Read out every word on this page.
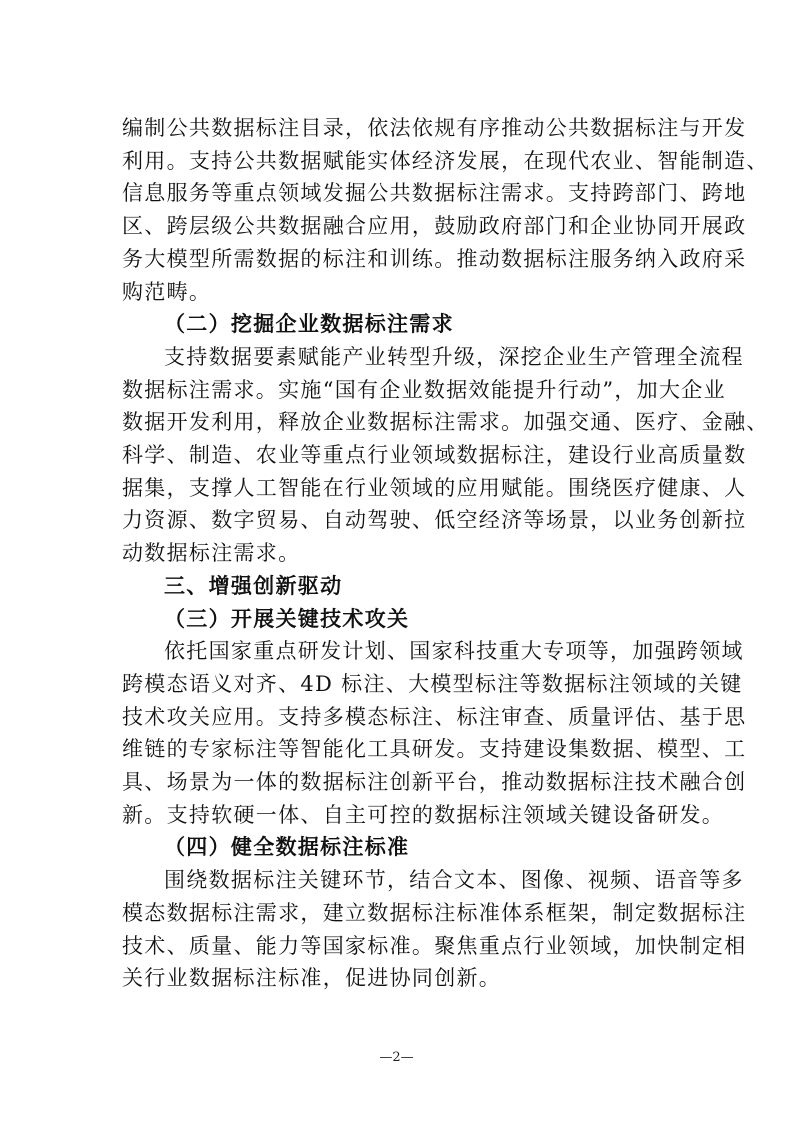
编制公共数据标注目录，依法依规有序推动公共数据标注与开发
利用。支持公共数据赋能实体经济发展，在现代农业、智能制造、
信息服务等重点领域发掘公共数据标注需求。支持跨部门、跨地
区、跨层级公共数据融合应用，鼓励政府部门和企业协同开展政
务大模型所需数据的标注和训练。推动数据标注服务纳入政府采
购范畴。
（二）挖掘企业数据标注需求
支持数据要素赋能产业转型升级，深挖企业生产管理全流程
数据标注需求。实施“国有企业数据效能提升行动”，加大企业
数据开发利用，释放企业数据标注需求。加强交通、医疗、金融、
科学、制造、农业等重点行业领域数据标注，建设行业高质量数
据集，支撑人工智能在行业领域的应用赋能。围绕医疗健康、人
力资源、数字贸易、自动驾驶、低空经济等场景，以业务创新拉
动数据标注需求。
三、增强创新驱动
（三）开展关键技术攻关
依托国家重点研发计划、国家科技重大专项等，加强跨领域
跨模态语义对齐、4D 标注、大模型标注等数据标注领域的关键
技术攻关应用。支持多模态标注、标注审查、质量评估、基于思
维链的专家标注等智能化工具研发。支持建设集数据、模型、工
具、场景为一体的数据标注创新平台，推动数据标注技术融合创
新。支持软硬一体、自主可控的数据标注领域关键设备研发。
（四）健全数据标注标准
围绕数据标注关键环节，结合文本、图像、视频、语音等多
模态数据标注需求，建立数据标注标准体系框架，制定数据标注
技术、质量、能力等国家标准。聚焦重点行业领域，加快制定相
关行业数据标注标准，促进协同创新。

—2—
